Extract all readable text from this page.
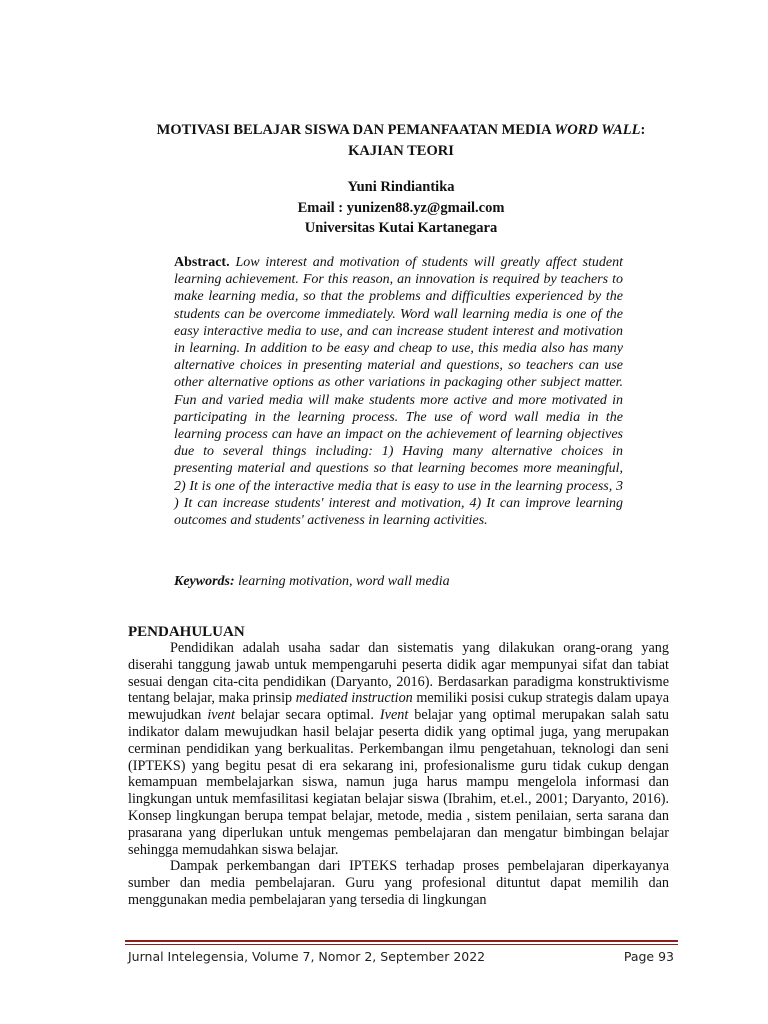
MOTIVASI BELAJAR SISWA DAN PEMANFAATAN MEDIA WORD WALL:
KAJIAN TEORI
Yuni Rindiantika
Email : yunizen88.yz@gmail.com
Universitas Kutai Kartanegara
Abstract. Low interest and motivation of students will greatly affect student learning achievement. For this reason, an innovation is required by teachers to make learning media, so that the problems and difficulties experienced by the students can be overcome immediately. Word wall learning media is one of the easy interactive media to use, and can increase student interest and motivation in learning. In addition to be easy and cheap to use, this media also has many alternative choices in presenting material and questions, so teachers can use other alternative options as other variations in packaging other subject matter. Fun and varied media will make students more active and more motivated in participating in the learning process. The use of word wall media in the learning process can have an impact on the achievement of learning objectives due to several things including: 1) Having many alternative choices in presenting material and questions so that learning becomes more meaningful, 2) It is one of the interactive media that is easy to use in the learning process, 3 ) It can increase students' interest and motivation, 4) It can improve learning outcomes and students' activeness in learning activities.
Keywords: learning motivation, word wall media
PENDAHULUAN

Pendidikan adalah usaha sadar dan sistematis yang dilakukan orang-orang yang diserahi tanggung jawab untuk mempengaruhi peserta didik agar mempunyai sifat dan tabiat sesuai dengan cita-cita pendidikan (Daryanto, 2016). Berdasarkan paradigma konstruktivisme tentang belajar, maka prinsip mediated instruction memiliki posisi cukup strategis dalam upaya mewujudkan ivent belajar secara optimal. Ivent belajar yang optimal merupakan salah satu indikator dalam mewujudkan hasil belajar peserta didik yang optimal juga, yang merupakan cerminan pendidikan yang berkualitas. Perkembangan ilmu pengetahuan, teknologi dan seni (IPTEKS) yang begitu pesat di era sekarang ini, profesionalisme guru tidak cukup dengan kemampuan membelajarkan siswa, namun juga harus mampu mengelola informasi dan lingkungan untuk memfasilitasi kegiatan belajar siswa (Ibrahim, et.el., 2001; Daryanto, 2016). Konsep lingkungan berupa tempat belajar, metode, media , sistem penilaian, serta sarana dan prasarana yang diperlukan untuk mengemas pembelajaran dan mengatur bimbingan belajar sehingga memudahkan siswa belajar.

Dampak perkembangan dari IPTEKS terhadap proses pembelajaran diperkayanya sumber dan media pembelajaran. Guru yang profesional dituntut dapat memilih dan menggunakan media pembelajaran yang tersedia di lingkungan

Jurnal Intelegensia, Volume 7, Nomor 2, September 2022	Page 93
